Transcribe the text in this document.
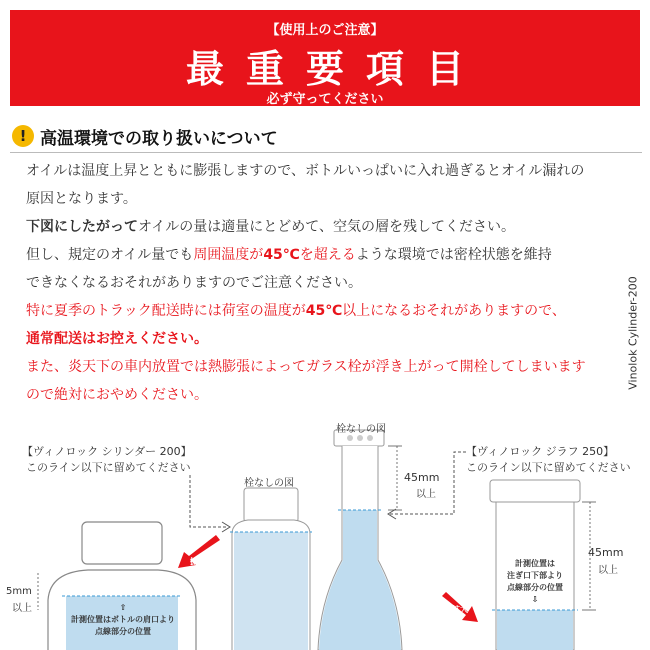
【使用上のご注意】
最重要項目
必ず守ってください
! 高温環境での取り扱いについて
オイルは温度上昇とともに膨張しますので、ボトルいっぱいに入れ過ぎるとオイル漏れの
原因となります。
下図にしたがってオイルの量は適量にとどめて、空気の層を残してください。
但し、規定のオイル量でも周囲温度が45℃を超えるような環境では密栓状態を維持
できなくなるおそれがありますのでご注意ください。
特に夏季のトラック配送時には荷室の温度が45℃以上になるおそれがありますので、
通常配送はお控えください。
また、炎天下の車内放置では熱膨張によってガラス栓が浮き上がって開栓してしまいます
ので絶対におやめください。
Vinolok Cylinder-200
【ヴィノロック シリンダー 200】
このライン以下に留めてください
【ヴィノロック ジラフ 250】
このライン以下に留めてください
栓なしの図
栓なしの図
拡大
拡大
5mm
以上
45mm
以上
45mm
以上
⇧
計測位置はボトルの肩口より
点線部分の位置
計測位置は
注ぎ口下部より
点線部分の位置
⇩
